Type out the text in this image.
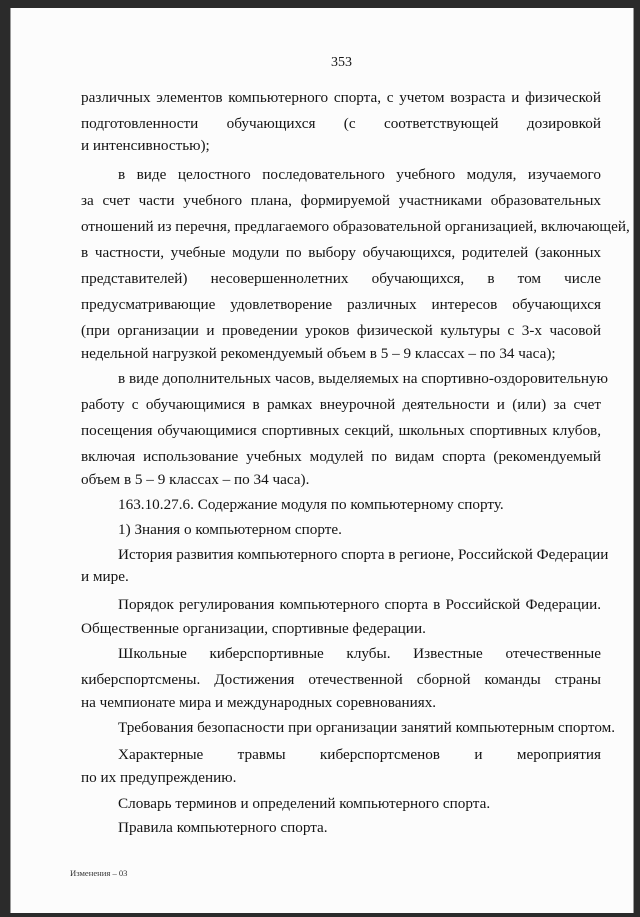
353
различных элементов компьютерного спорта, с учетом возраста и физической
подготовленности обучающихся (с соответствующей дозировкой
и интенсивностью);
в виде целостного последовательного учебного модуля, изучаемого
за счет части учебного плана, формируемой участниками образовательных
отношений из перечня, предлагаемого образовательной организацией, включающей,
в частности, учебные модули по выбору обучающихся, родителей (законных
представителей) несовершеннолетних обучающихся, в том числе
предусматривающие удовлетворение различных интересов обучающихся
(при организации и проведении уроков физической культуры с 3-х часовой
недельной нагрузкой рекомендуемый объем в 5 – 9 классах – по 34 часа);
в виде дополнительных часов, выделяемых на спортивно-оздоровительную
работу с обучающимися в рамках внеурочной деятельности и (или) за счет
посещения обучающимися спортивных секций, школьных спортивных клубов,
включая использование учебных модулей по видам спорта (рекомендуемый
объем в 5 – 9 классах – по 34 часа).
163.10.27.6. Содержание модуля по компьютерному спорту.
1) Знания о компьютерном спорте.
История развития компьютерного спорта в регионе, Российской Федерации
и мире.
Порядок регулирования компьютерного спорта в Российской Федерации.
Общественные организации, спортивные федерации.
Школьные киберспортивные клубы. Известные отечественные
киберспортсмены. Достижения отечественной сборной команды страны
на чемпионате мира и международных соревнованиях.
Требования безопасности при организации занятий компьютерным спортом.
Характерные травмы киберспортсменов и мероприятия
по их предупреждению.
Словарь терминов и определений компьютерного спорта.
Правила компьютерного спорта.
Изменения – 03
